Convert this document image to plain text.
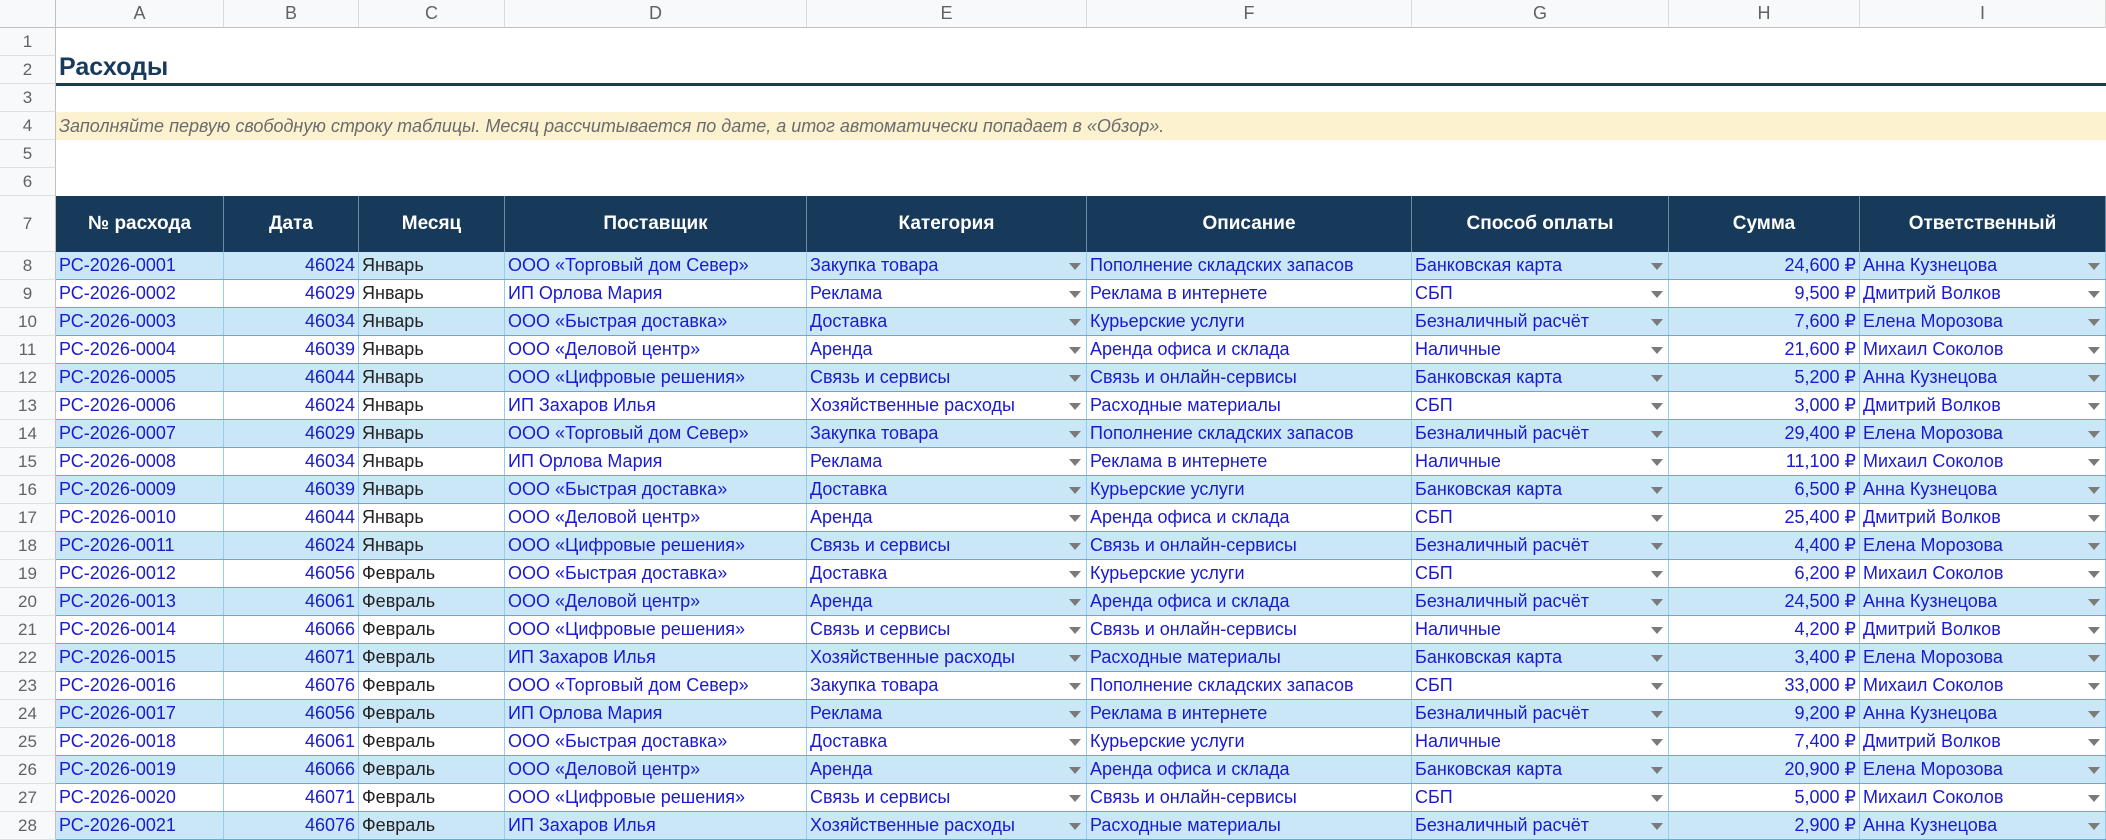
A	B	C	D	E	F	G	H	I
1
2
3
4
5
6
7
8
9
10
11
12
13
14
15
16
17
18
19
20
21
22
23
24
25
26
27
28
Расходы
Заполняйте первую свободную строку таблицы. Месяц рассчитывается по дате, а итог автоматически попадает в «Обзор».
№ расхода	Дата	Месяц	Поставщик	Категория	Описание	Способ оплаты	Сумма	Ответственный
РС-2026-0001	46024 Январь	ООО «Торговый дом Север»	Закупка товара	Пополнение складских запасов	Банковская карта	24,600 ₽ Анна Кузнецова
РС-2026-0002	46029 Январь	ИП Орлова Мария	Реклама	Реклама в интернете	СБП	9,500 ₽ Дмитрий Волков
РС-2026-0003	46034 Январь	ООО «Быстрая доставка»	Доставка	Курьерские услуги	Безналичный расчёт	7,600 ₽ Елена Морозова
РС-2026-0004	46039 Январь	ООО «Деловой центр»	Аренда	Аренда офиса и склада	Наличные	21,600 ₽ Михаил Соколов
РС-2026-0005	46044 Январь	ООО «Цифровые решения»	Связь и сервисы	Связь и онлайн-сервисы	Банковская карта	5,200 ₽ Анна Кузнецова
РС-2026-0006	46024 Январь	ИП Захаров Илья	Хозяйственные расходы	Расходные материалы	СБП	3,000 ₽ Дмитрий Волков
РС-2026-0007	46029 Январь	ООО «Торговый дом Север»	Закупка товара	Пополнение складских запасов	Безналичный расчёт	29,400 ₽ Елена Морозова
РС-2026-0008	46034 Январь	ИП Орлова Мария	Реклама	Реклама в интернете	Наличные	11,100 ₽ Михаил Соколов
РС-2026-0009	46039 Январь	ООО «Быстрая доставка»	Доставка	Курьерские услуги	Банковская карта	6,500 ₽ Анна Кузнецова
РС-2026-0010	46044 Январь	ООО «Деловой центр»	Аренда	Аренда офиса и склада	СБП	25,400 ₽ Дмитрий Волков
РС-2026-0011	46024 Январь	ООО «Цифровые решения»	Связь и сервисы	Связь и онлайн-сервисы	Безналичный расчёт	4,400 ₽ Елена Морозова
РС-2026-0012	46056 Февраль	ООО «Быстрая доставка»	Доставка	Курьерские услуги	СБП	6,200 ₽ Михаил Соколов
РС-2026-0013	46061 Февраль	ООО «Деловой центр»	Аренда	Аренда офиса и склада	Безналичный расчёт	24,500 ₽ Анна Кузнецова
РС-2026-0014	46066 Февраль	ООО «Цифровые решения»	Связь и сервисы	Связь и онлайн-сервисы	Наличные	4,200 ₽ Дмитрий Волков
РС-2026-0015	46071 Февраль	ИП Захаров Илья	Хозяйственные расходы	Расходные материалы	Банковская карта	3,400 ₽ Елена Морозова
РС-2026-0016	46076 Февраль	ООО «Торговый дом Север»	Закупка товара	Пополнение складских запасов	СБП	33,000 ₽ Михаил Соколов
РС-2026-0017	46056 Февраль	ИП Орлова Мария	Реклама	Реклама в интернете	Безналичный расчёт	9,200 ₽ Анна Кузнецова
РС-2026-0018	46061 Февраль	ООО «Быстрая доставка»	Доставка	Курьерские услуги	Наличные	7,400 ₽ Дмитрий Волков
РС-2026-0019	46066 Февраль	ООО «Деловой центр»	Аренда	Аренда офиса и склада	Банковская карта	20,900 ₽ Елена Морозова
РС-2026-0020	46071 Февраль	ООО «Цифровые решения»	Связь и сервисы	Связь и онлайн-сервисы	СБП	5,000 ₽ Михаил Соколов
РС-2026-0021	46076 Февраль	ИП Захаров Илья	Хозяйственные расходы	Расходные материалы	Безналичный расчёт	2,900 ₽ Анна Кузнецова
